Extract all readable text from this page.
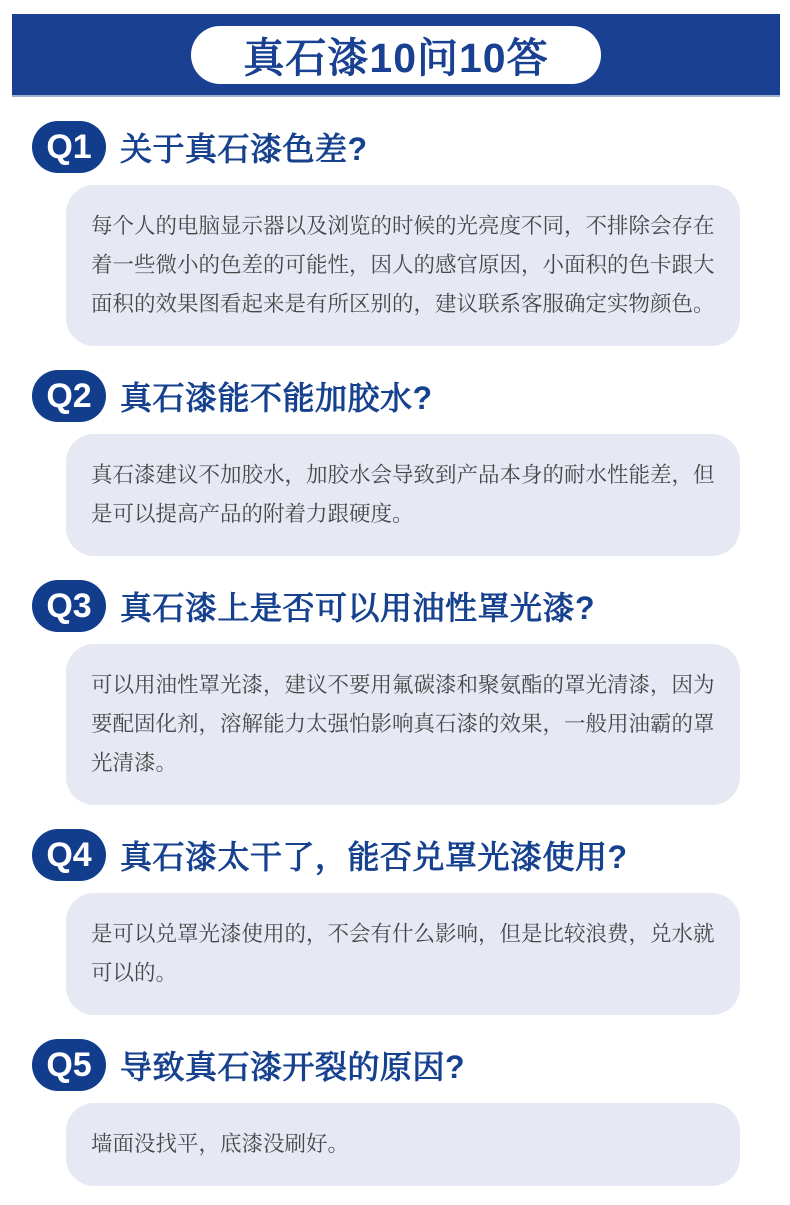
真石漆10问10答
Q1 关于真石漆色差?
每个人的电脑显示器以及浏览的时候的光亮度不同，不排除会存在着一些微小的色差的可能性，因人的感官原因，小面积的色卡跟大面积的效果图看起来是有所区别的，建议联系客服确定实物颜色。
Q2 真石漆能不能加胶水?
真石漆建议不加胶水，加胶水会导致到产品本身的耐水性能差，但是可以提高产品的附着力跟硬度。
Q3 真石漆上是否可以用油性罩光漆?
可以用油性罩光漆，建议不要用氟碳漆和聚氨酯的罩光清漆，因为要配固化剂，溶解能力太强怕影响真石漆的效果，一般用油霸的罩光清漆。
Q4 真石漆太干了，能否兑罩光漆使用?
是可以兑罩光漆使用的，不会有什么影响，但是比较浪费，兑水就可以的。
Q5 导致真石漆开裂的原因?
墙面没找平，底漆没刷好。
